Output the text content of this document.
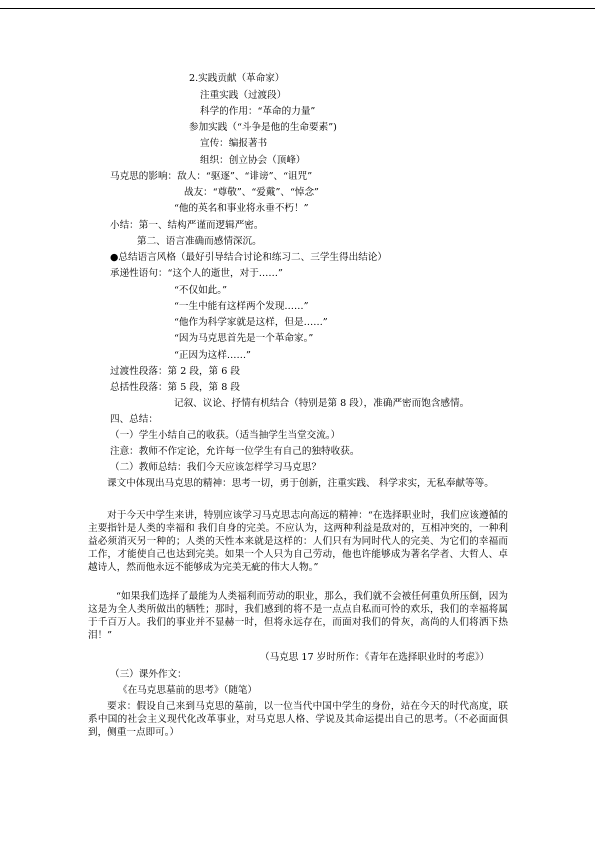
2.实践贡献（革命家）
注重实践（过渡段）
科学的作用：“革命的力量”
参加实践（“斗争是他的生命要素”)
宣传：编报著书
组织：创立协会（顶峰）
马克思的影响：敌人：“驱逐”、“诽谤”、“诅咒”
战友：“尊敬”、“爱戴”、“悼念”
“他的英名和事业将永垂不朽！”
小结：第一、结构严谨而逻辑严密。
第二、语言准确而感情深沉。
●总结语言风格（最好引导结合讨论和练习二、三学生得出结论）
承递性语句：“这个人的逝世，对于……”
“不仅如此。”
“一生中能有这样两个发现……”
“他作为科学家就是这样，但是……”
“因为马克思首先是一个革命家。”
“正因为这样……”
过渡性段落：第 2 段，第 6 段
总括性段落：第 5 段，第 8 段
记叙、议论、抒情有机结合（特别是第 8 段），准确严密而饱含感情。
四、总结：
（一）学生小结自己的收获。（适当抽学生当堂交流。）
注意：教师不作定论，允许每一位学生有自己的独特收获。
（二）教师总结：我们今天应该怎样学习马克思？
课文中体现出马克思的精神：思考一切，勇于创新，注重实践、 科学求实，无私奉献等等。
对于今天中学生来讲，特别应该学习马克思志向高远的精神：“在选择职业时，我们应该遵循的主要指针是人类的幸福和 我们自身的完美。不应认为，这两种利益是敌对的，互相冲突的，一种利益必须消灭另一种的；人类的天性本来就是这样的：人们只有为同时代人的完美、为它们的幸福而工作，才能使自己也达到完美。如果一个人只为自己劳动，他也许能够成为著名学者、大哲人、卓越诗人，然而他永远不能够成为完美无疵的伟大人物。”
“如果我们选择了最能为人类福利而劳动的职业，那么，我们就不会被任何重负所压倒，因为这是为全人类所做出的牺牲；那时，我们感到的将不是一点点自私而可怜的欢乐，我们的幸福将属于千百万人。我们的事业并不显赫一时，但将永远存在，而面对我们的骨灰，高尚的人们将洒下热泪！”
（马克思 17 岁时所作：《青年在选择职业时的考虑》）
（三）课外作文：
《在马克思墓前的思考》（随笔）
要求：假设自己来到马克思的墓前，以一位当代中国中学生的身份，站在今天的时代高度，联系中国的社会主义现代化改革事业，对马克思人格、学说及其命运提出自己的思考。（不必面面俱到，侧重一点即可。）
